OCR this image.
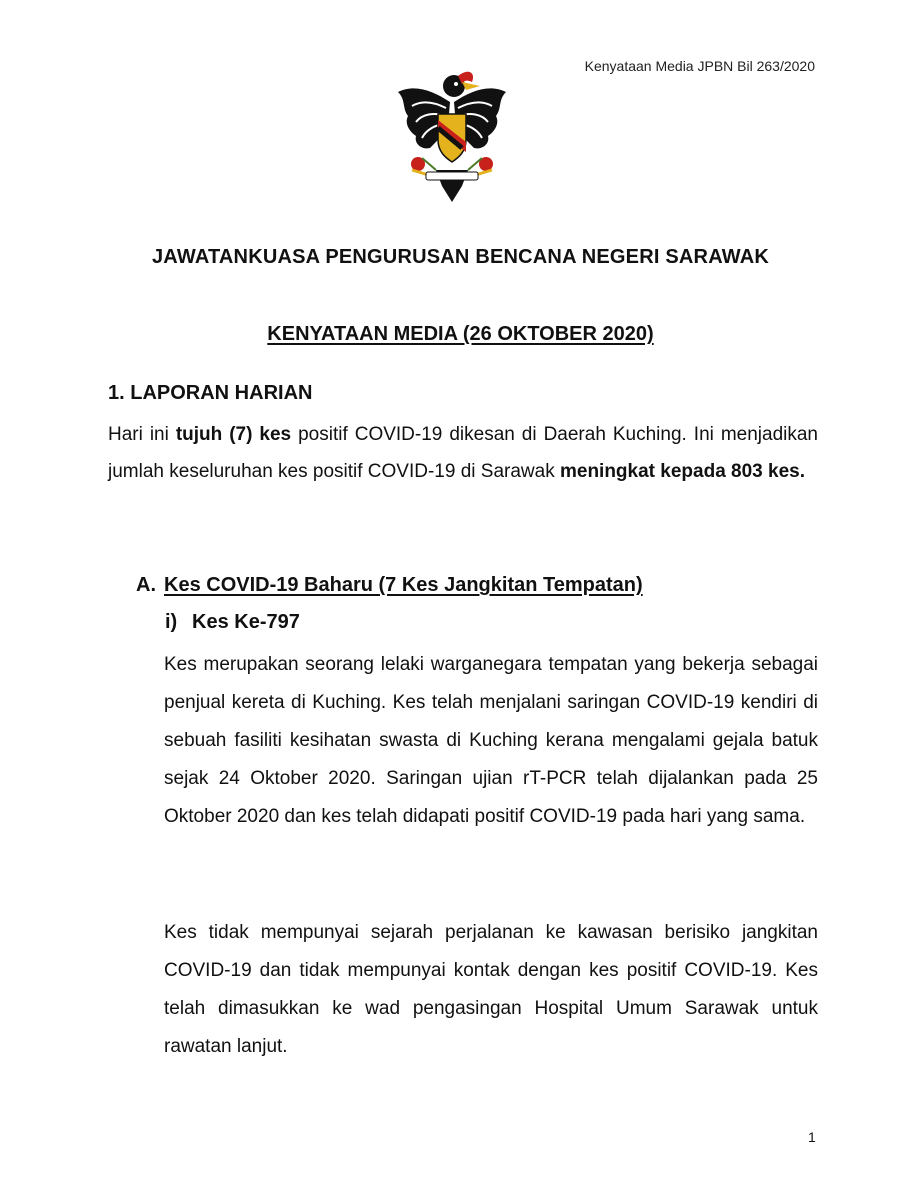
Kenyataan Media JPBN Bil 263/2020
JAWATANKUASA PENGURUSAN BENCANA NEGERI SARAWAK
KENYATAAN MEDIA (26 OKTOBER 2020)
1. LAPORAN HARIAN
Hari ini tujuh (7) kes positif COVID-19 dikesan di Daerah Kuching. Ini menjadikan jumlah keseluruhan kes positif COVID-19 di Sarawak meningkat kepada 803 kes.
A. Kes COVID-19 Baharu (7 Kes Jangkitan Tempatan)
i) Kes Ke-797
Kes merupakan seorang lelaki warganegara tempatan yang bekerja sebagai penjual kereta di Kuching. Kes telah menjalani saringan COVID-19 kendiri di sebuah fasiliti kesihatan swasta di Kuching kerana mengalami gejala batuk sejak 24 Oktober 2020. Saringan ujian rT-PCR telah dijalankan pada 25 Oktober 2020 dan kes telah didapati positif COVID-19 pada hari yang sama.
Kes tidak mempunyai sejarah perjalanan ke kawasan berisiko jangkitan COVID-19 dan tidak mempunyai kontak dengan kes positif COVID-19. Kes telah dimasukkan ke wad pengasingan Hospital Umum Sarawak untuk rawatan lanjut.
1
